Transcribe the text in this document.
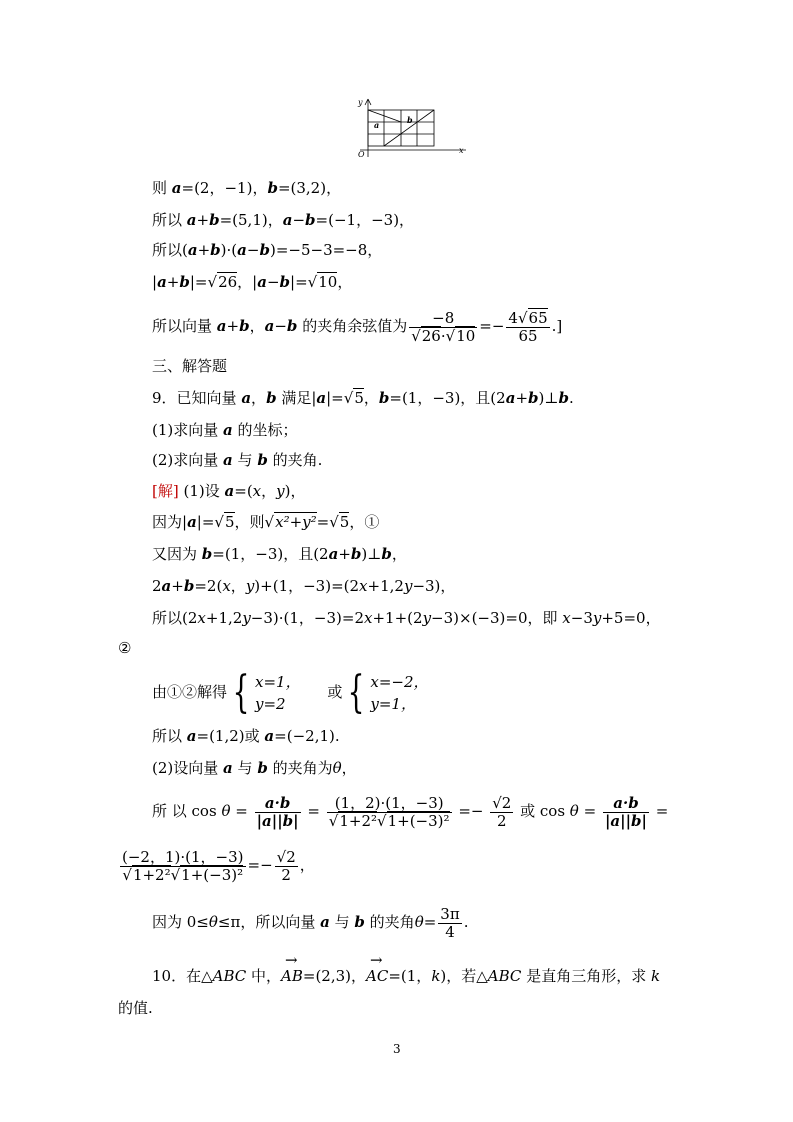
y
x
O
a	b
则 a=(2，−1)，b=(3,2)，
所以 a+b=(5,1)，a−b=(−1，−3)，
所以(a+b)·(a−b)=−5−3=−8，
|a+b|=√26，|a−b|=√10，
所以向量 a+b，a−b 的夹角余弦值为 $\frac{-8}{√26\cdot√10} =- \frac{4√65}{65}$ .]
三、解答题
9．已知向量 a，b 满足|a|=√5，b=(1，−3)，且(2a+b)⊥b.
(1)求向量 a 的坐标；
(2)求向量 a 与 b 的夹角.
[解] (1)设 a=(x，y)，
因为|a|=√5，则√x²+y²=√5，①
又因为 b=(1，−3)，且(2a+b)⊥b，
2a+b=2(x，y)+(1，−3)=(2x+1,2y−3)，
所以(2x+1,2y−3)·(1，−3)=2x+1+(2y−3)×(−3)=0，即 x−3y+5=0，
②
由①②解得 { x=1，
y=2
或 { x=−2，
y=1，
所以 a=(1,2)或 a=(−2,1).
(2)设向量 a 与 b 的夹角为θ，
所 以 $\cos \theta = \frac{a\cdot b}{|a||b|} = \frac{(1,2)\cdot(1,-3)}{\text{√1+2²√1+(−3)²}} =- \frac{√2}{2}$ 或 $\cos \theta = \frac{a\cdot b}{|a||b|}$ =
$\frac{(-2,1)\cdot(1,-3)}{\text{√1+2²√1+(−3)²}} =- \frac{√2}{2}$ ，
因为 0≤θ≤π，所以向量 a 与 b 的夹角$\theta= \frac{3\pi}{4}$ .
10．在△ABC 中，
→
AB=(2,3)，
→
AC=(1，k)，若△ABC 是直角三角形，求 k
的值.
3
